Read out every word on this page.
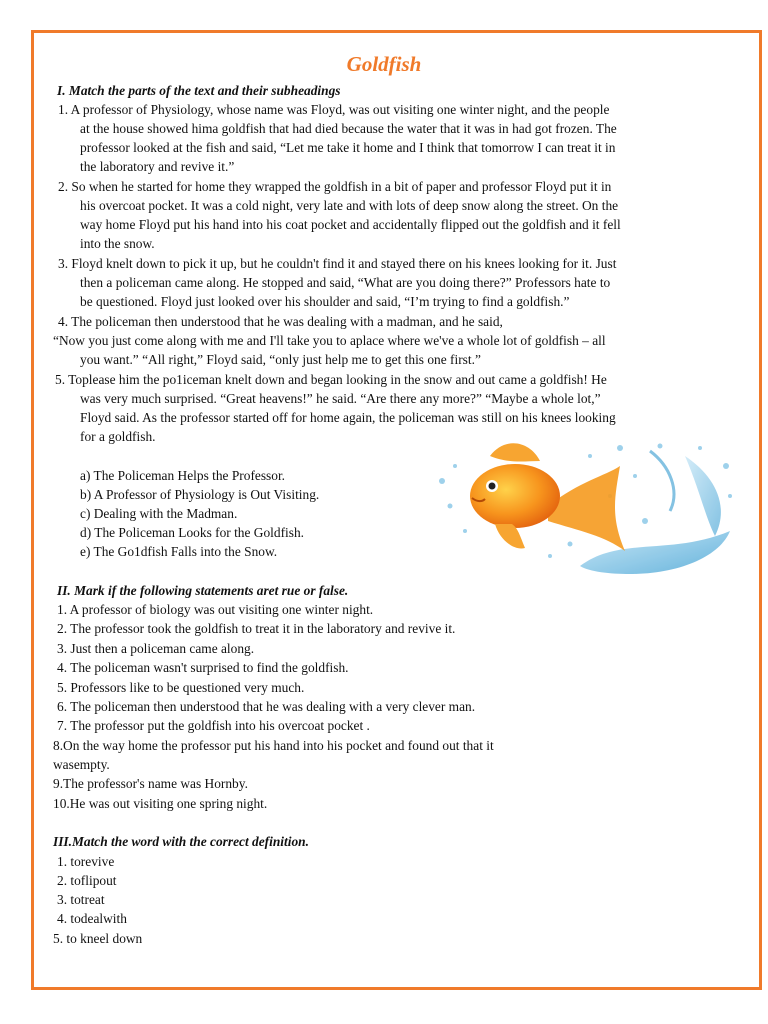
Goldfish
I. Match the parts of the text and their subheadings
1. A professor of Physiology, whose name was Floyd, was out visiting one winter night, and the people
at the house showed hima goldfish that had died because the water that it was in had got frozen. The
professor looked at the fish and said, “Let me take it home and I think that tomorrow I can treat it in
the laboratory and revive it.”
2. So when he started for home they wrapped the goldfish in a bit of paper and professor Floyd put it in
his overcoat pocket. It was a cold night, very late and with lots of deep snow along the street. On the
way home Floyd put his hand into his coat pocket and accidentally flipped out the goldfish and it fell
into the snow.
3. Floyd knelt down to pick it up, but he couldn't find it and stayed there on his knees looking for it. Just
then a policeman came along. He stopped and said, “What are you doing there?” Professors hate to
be questioned. Floyd just looked over his shoulder and said, “I’m trying to find a goldfish.”
4. The policeman then understood that he was dealing with a madman, and he said,
“Now you just come along with me and I'll take you to aplace where we've a whole lot of goldfish – all
you want.” “All right,” Floyd said, “only just help me to get this one first.”
5. Toplease him the po1iceman knelt down and began looking in the snow and out came a goldfish! He
was very much surprised. “Great heavens!” he said. “Are there any more?” “Maybe a whole lot,”
Floyd said. As the professor started off for home again, the policeman was still on his knees looking
for a goldfish.
a) The Policeman Helps the Professor.
b) A Professor of Physiology is Out Visiting.
c) Dealing with the Madman.
d) The Policeman Looks for the Goldfish.
e) The Go1dfish Falls into the Snow.
II. Mark if the following statements aret rue or false.
1. A professor of biology was out visiting one winter night.
2. The professor took the goldfish to treat it in the laboratory and revive it.
3. Just then a policeman came along.
4. The policeman wasn't surprised to find the goldfish.
5. Professors like to be questioned very much.
6. The policeman then understood that he was dealing with a very clever man.
7. The professor put the goldfish into his overcoat pocket .
8.On the way home the professor put his hand into his pocket and found out that it
wasempty.
9.The professor's name was Hornby.
10.He was out visiting one spring night.
III.Match the word with the correct definition.
1. torevive
2. toflipout
3. totreat
4. todealwith
5. to kneel down
